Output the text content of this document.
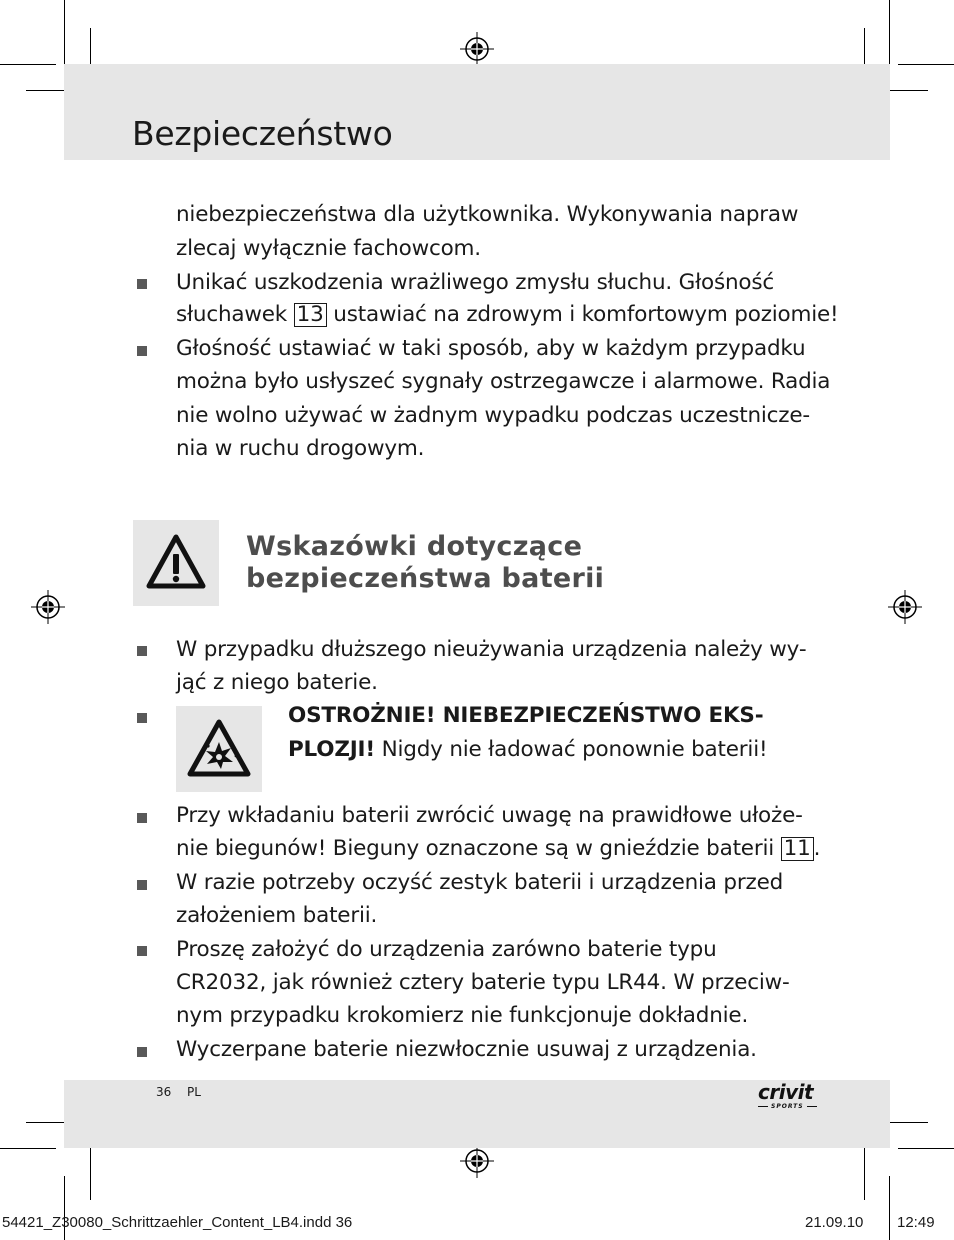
Bezpieczeństwo
niebezpieczeństwa dla użytkownika. Wykonywania napraw
zlecaj wyłącznie fachowcom.
Unikać uszkodzenia wrażliwego zmysłu słuchu. Głośność
słuchawek 13 ustawiać na zdrowym i komfortowym poziomie!
Głośność ustawiać w taki sposób, aby w każdym przypadku
można było usłyszeć sygnały ostrzegawcze i alarmowe. Radia
nie wolno używać w żadnym wypadku podczas uczestnicze-
nia w ruchu drogowym.
Wskazówki dotyczące
bezpieczeństwa baterii
W przypadku dłuższego nieużywania urządzenia należy wy-
jąć z niego baterie.
OSTROŻNIE! NIEBEZPIECZEŃSTWO EKS-
PLOZJI! Nigdy nie ładować ponownie baterii!
Przy wkładaniu baterii zwrócić uwagę na prawidłowe ułoże-
nie biegunów! Bieguny oznaczone są w gnieździe baterii 11 .
W razie potrzeby oczyść zestyk baterii i urządzenia przed
założeniem baterii.
Proszę założyć do urządzenia zarówno baterie typu
CR2032, jak również cztery baterie typu LR44. W przeciw-
nym przypadku krokomierz nie funkcjonuje dokładnie.
Wyczerpane baterie niezwłocznie usuwaj z urządzenia.
36 PL	crivit
SPORTS
54421_Z30080_Schrittzaehler_Content_LB4.indd 36	21.09.10 12:49
